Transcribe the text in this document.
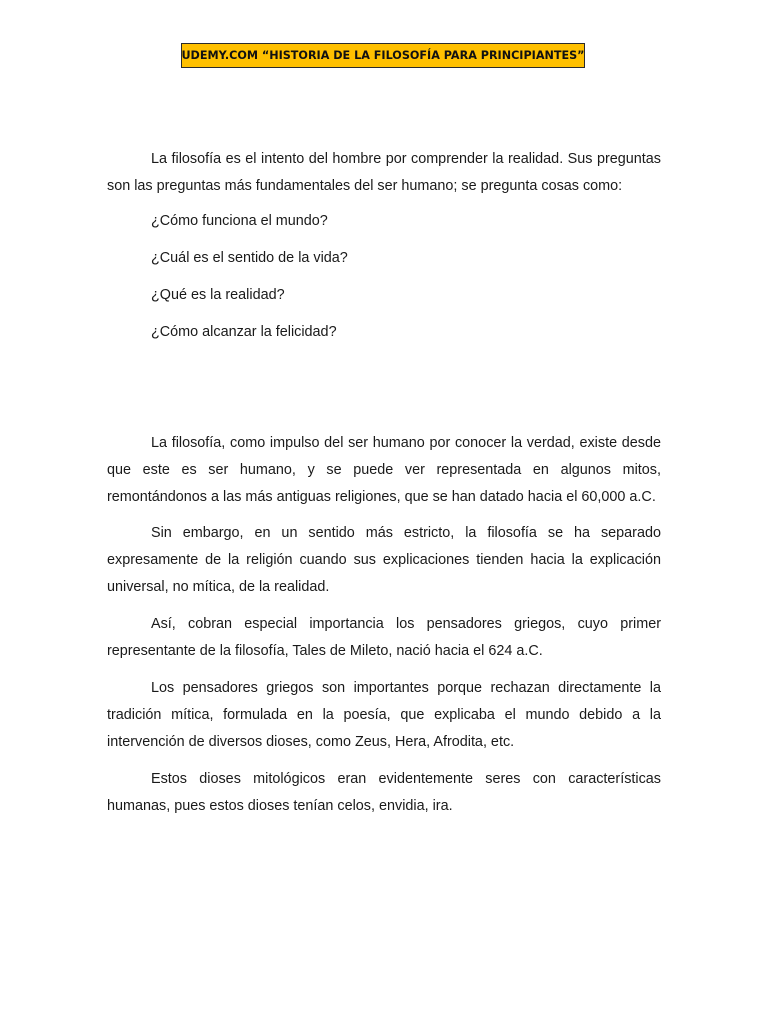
UDEMY.COM “HISTORIA DE LA FILOSOFÍA PARA PRINCIPIANTES”

La filosofía es el intento del hombre por comprender la realidad. Sus preguntas son las preguntas más fundamentales del ser humano; se pregunta cosas como:

¿Cómo funciona el mundo?

¿Cuál es el sentido de la vida?

¿Qué es la realidad?

¿Cómo alcanzar la felicidad?

La filosofía, como impulso del ser humano por conocer la verdad, existe desde que este es ser humano, y se puede ver representada en algunos mitos, remontándonos a las más antiguas religiones, que se han datado hacia el 60,000 a.C.

Sin embargo, en un sentido más estricto, la filosofía se ha separado expresamente de la religión cuando sus explicaciones tienden hacia la explicación universal, no mítica, de la realidad.

Así, cobran especial importancia los pensadores griegos, cuyo primer representante de la filosofía, Tales de Mileto, nació hacia el 624 a.C.

Los pensadores griegos son importantes porque rechazan directamente la tradición mítica, formulada en la poesía, que explicaba el mundo debido a la intervención de diversos dioses, como Zeus, Hera, Afrodita, etc.

Estos dioses mitológicos eran evidentemente seres con características humanas, pues estos dioses tenían celos, envidia, ira.
